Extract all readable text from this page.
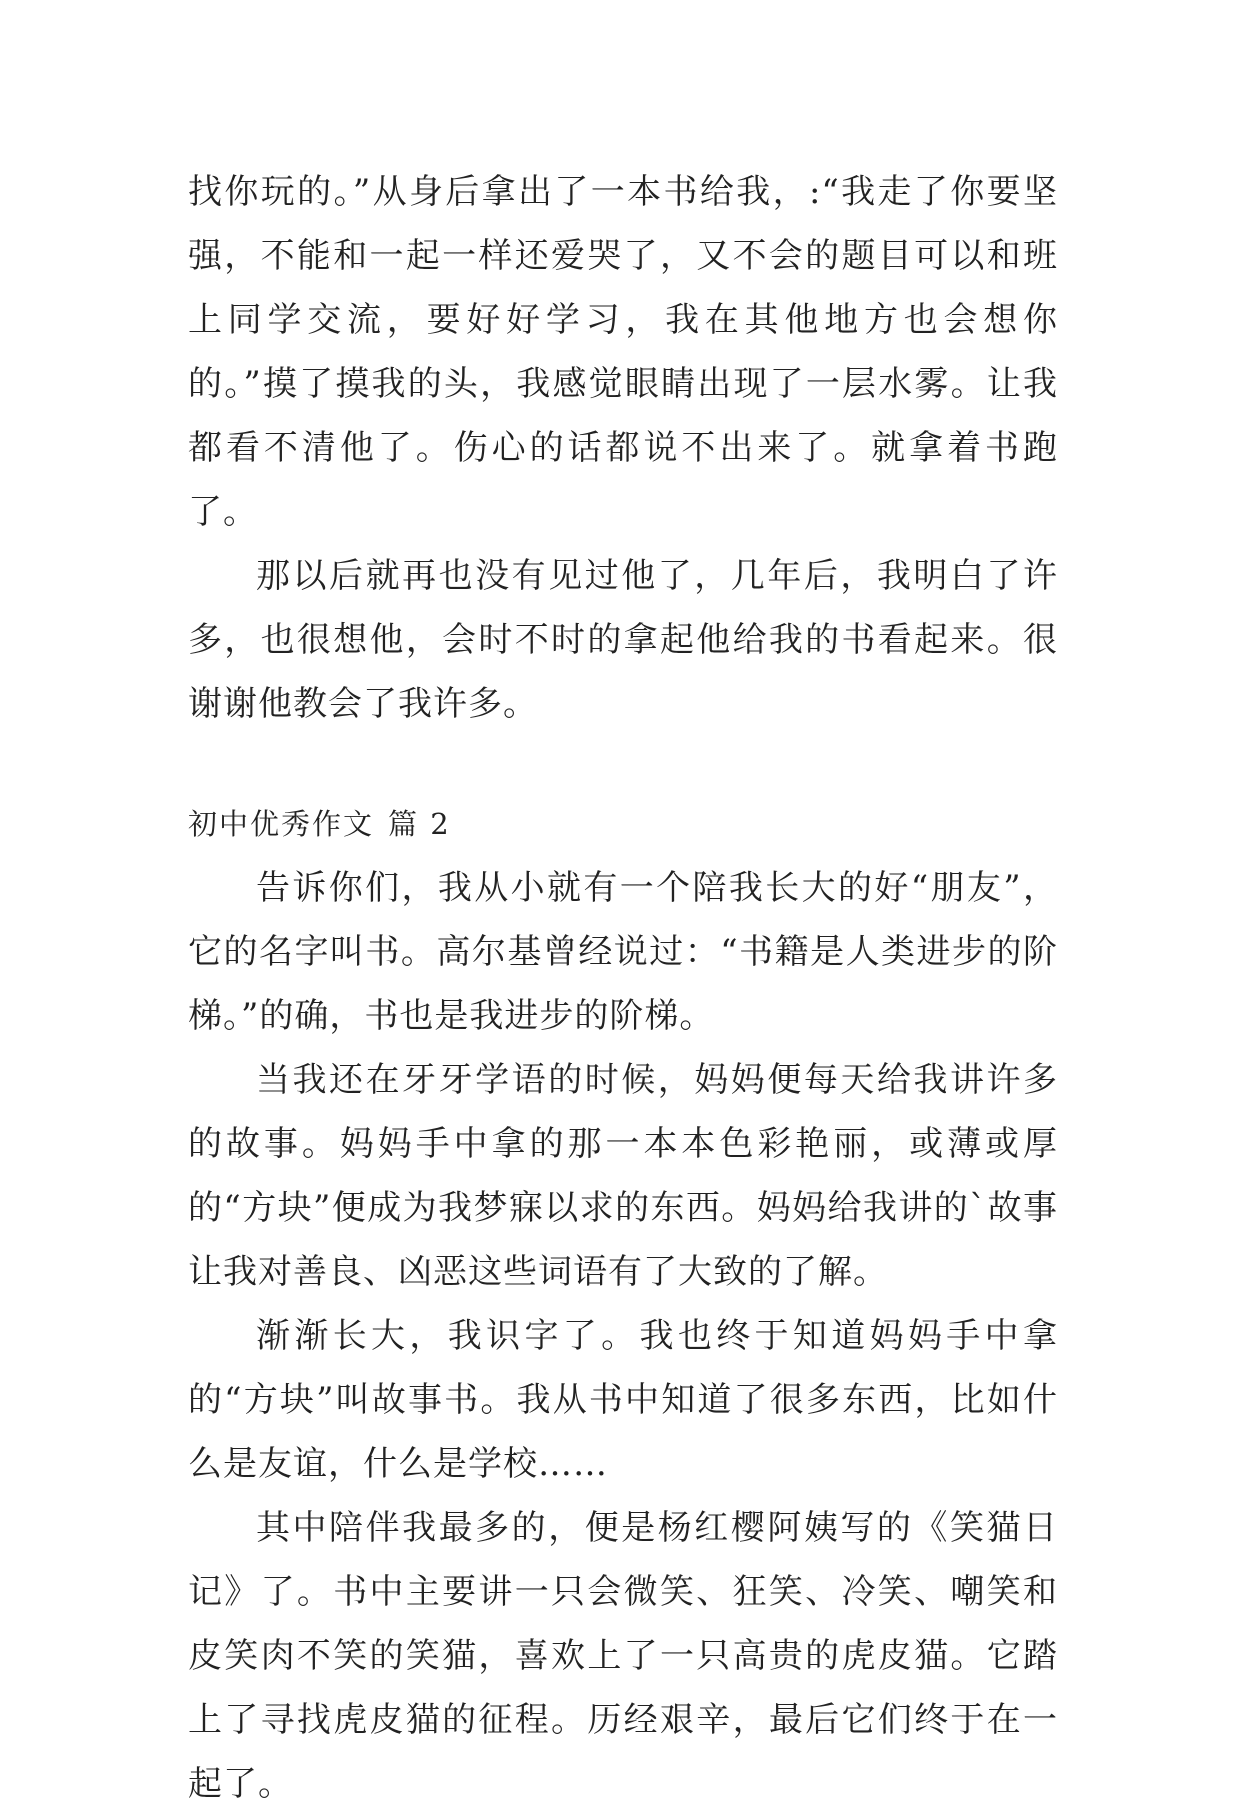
找你玩的。”从身后拿出了一本书给我，:“我走了你要坚强，不能和一起一样还爱哭了，又不会的题目可以和班上同学交流，要好好学习，我在其他地方也会想你的。”摸了摸我的头，我感觉眼睛出现了一层水雾。让我都看不清他了。伤心的话都说不出来了。就拿着书跑了。

那以后就再也没有见过他了，几年后，我明白了许多，也很想他，会时不时的拿起他给我的书看起来。很谢谢他教会了我许多。

初中优秀作文 篇 2

告诉你们，我从小就有一个陪我长大的好“朋友”，它的名字叫书。高尔基曾经说过：“书籍是人类进步的阶梯。”的确，书也是我进步的阶梯。

当我还在牙牙学语的时候，妈妈便每天给我讲许多的故事。妈妈手中拿的那一本本色彩艳丽，或薄或厚的“方块”便成为我梦寐以求的东西。妈妈给我讲的`故事让我对善良、凶恶这些词语有了大致的了解。

渐渐长大，我识字了。我也终于知道妈妈手中拿的“方块”叫故事书。我从书中知道了很多东西，比如什么是友谊，什么是学校……

其中陪伴我最多的，便是杨红樱阿姨写的《笑猫日记》了。书中主要讲一只会微笑、狂笑、冷笑、嘲笑和皮笑肉不笑的笑猫，喜欢上了一只高贵的虎皮猫。它踏上了寻找虎皮猫的征程。历经艰辛，最后它们终于在一起了。
